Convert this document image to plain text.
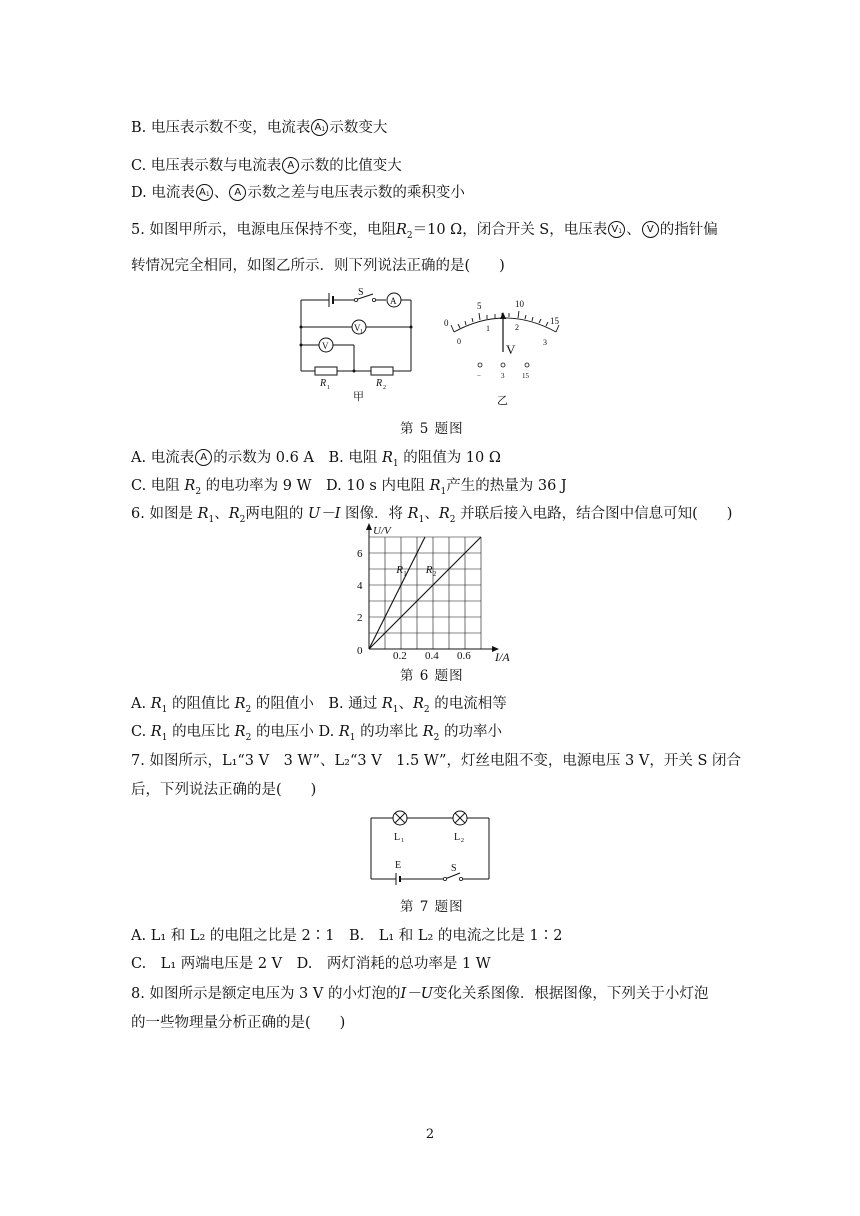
B. 电压表示数不变，电流表 $A_1$ 示数变大
C. 电压表示数与电流表 A 示数的比值变大
D. 电流表 $A_1$ 、 A 示数之差与电压表示数的乘积变小
5. 如图甲所示，电源电压保持不变，电阻$R_2=10$ Ω，闭合开关 S，电压表 $V_1$ 、 V 的指针偏
转情况完全相同，如图乙所示．则下列说法正确的是(　　)
S
A
V 1
V
R 1	R 2
甲
0
5	10
15
0
1	2
3
V
−	3	15
乙
第 5 题图
A. 电流表 A 的示数为 0.6 A　B. 电阻 $R_1$ 的阻值为 10 Ω
C. 电阻 $R_2$ 的电功率为 9 W　D. 10 s 内电阻 $R_1$产生的热量为 36 J
6. 如图是 $R_1$、$R_2$两电阻的 U－I 图像．将 $R_1$、$R_2$ 并联后接入电路，结合图中信息可知(　　)
0.2 0.4 0.6
2
4
6
0
U/V
I/A
R 1 R 2
第 6 题图
A. $R_1$ 的阻值比 $R_2$ 的阻值小　B. 通过 $R_1$、$R_2$ 的电流相等
C. $R_1$ 的电压比 $R_2$ 的电压小 D. $R_1$ 的功率比 $R_2$ 的功率小
7. 如图所示，L₁“3 V　3 W”、L₂“3 V　1.5 W”，灯丝电阻不变，电源电压 3 V，开关 S 闭合
后，下列说法正确的是(　　)
L 1	L 2
E	S
第 7 题图
A. L₁ 和 L₂ 的电阻之比是 2∶1　B.　L₁ 和 L₂ 的电流之比是 1∶2
C.　L₁ 两端电压是 2 V　D.　两灯消耗的总功率是 1 W
8. 如图所示是额定电压为 3 V 的小灯泡的I－U变化关系图像．根据图像，下列关于小灯泡
的一些物理量分析正确的是(　　)
2
